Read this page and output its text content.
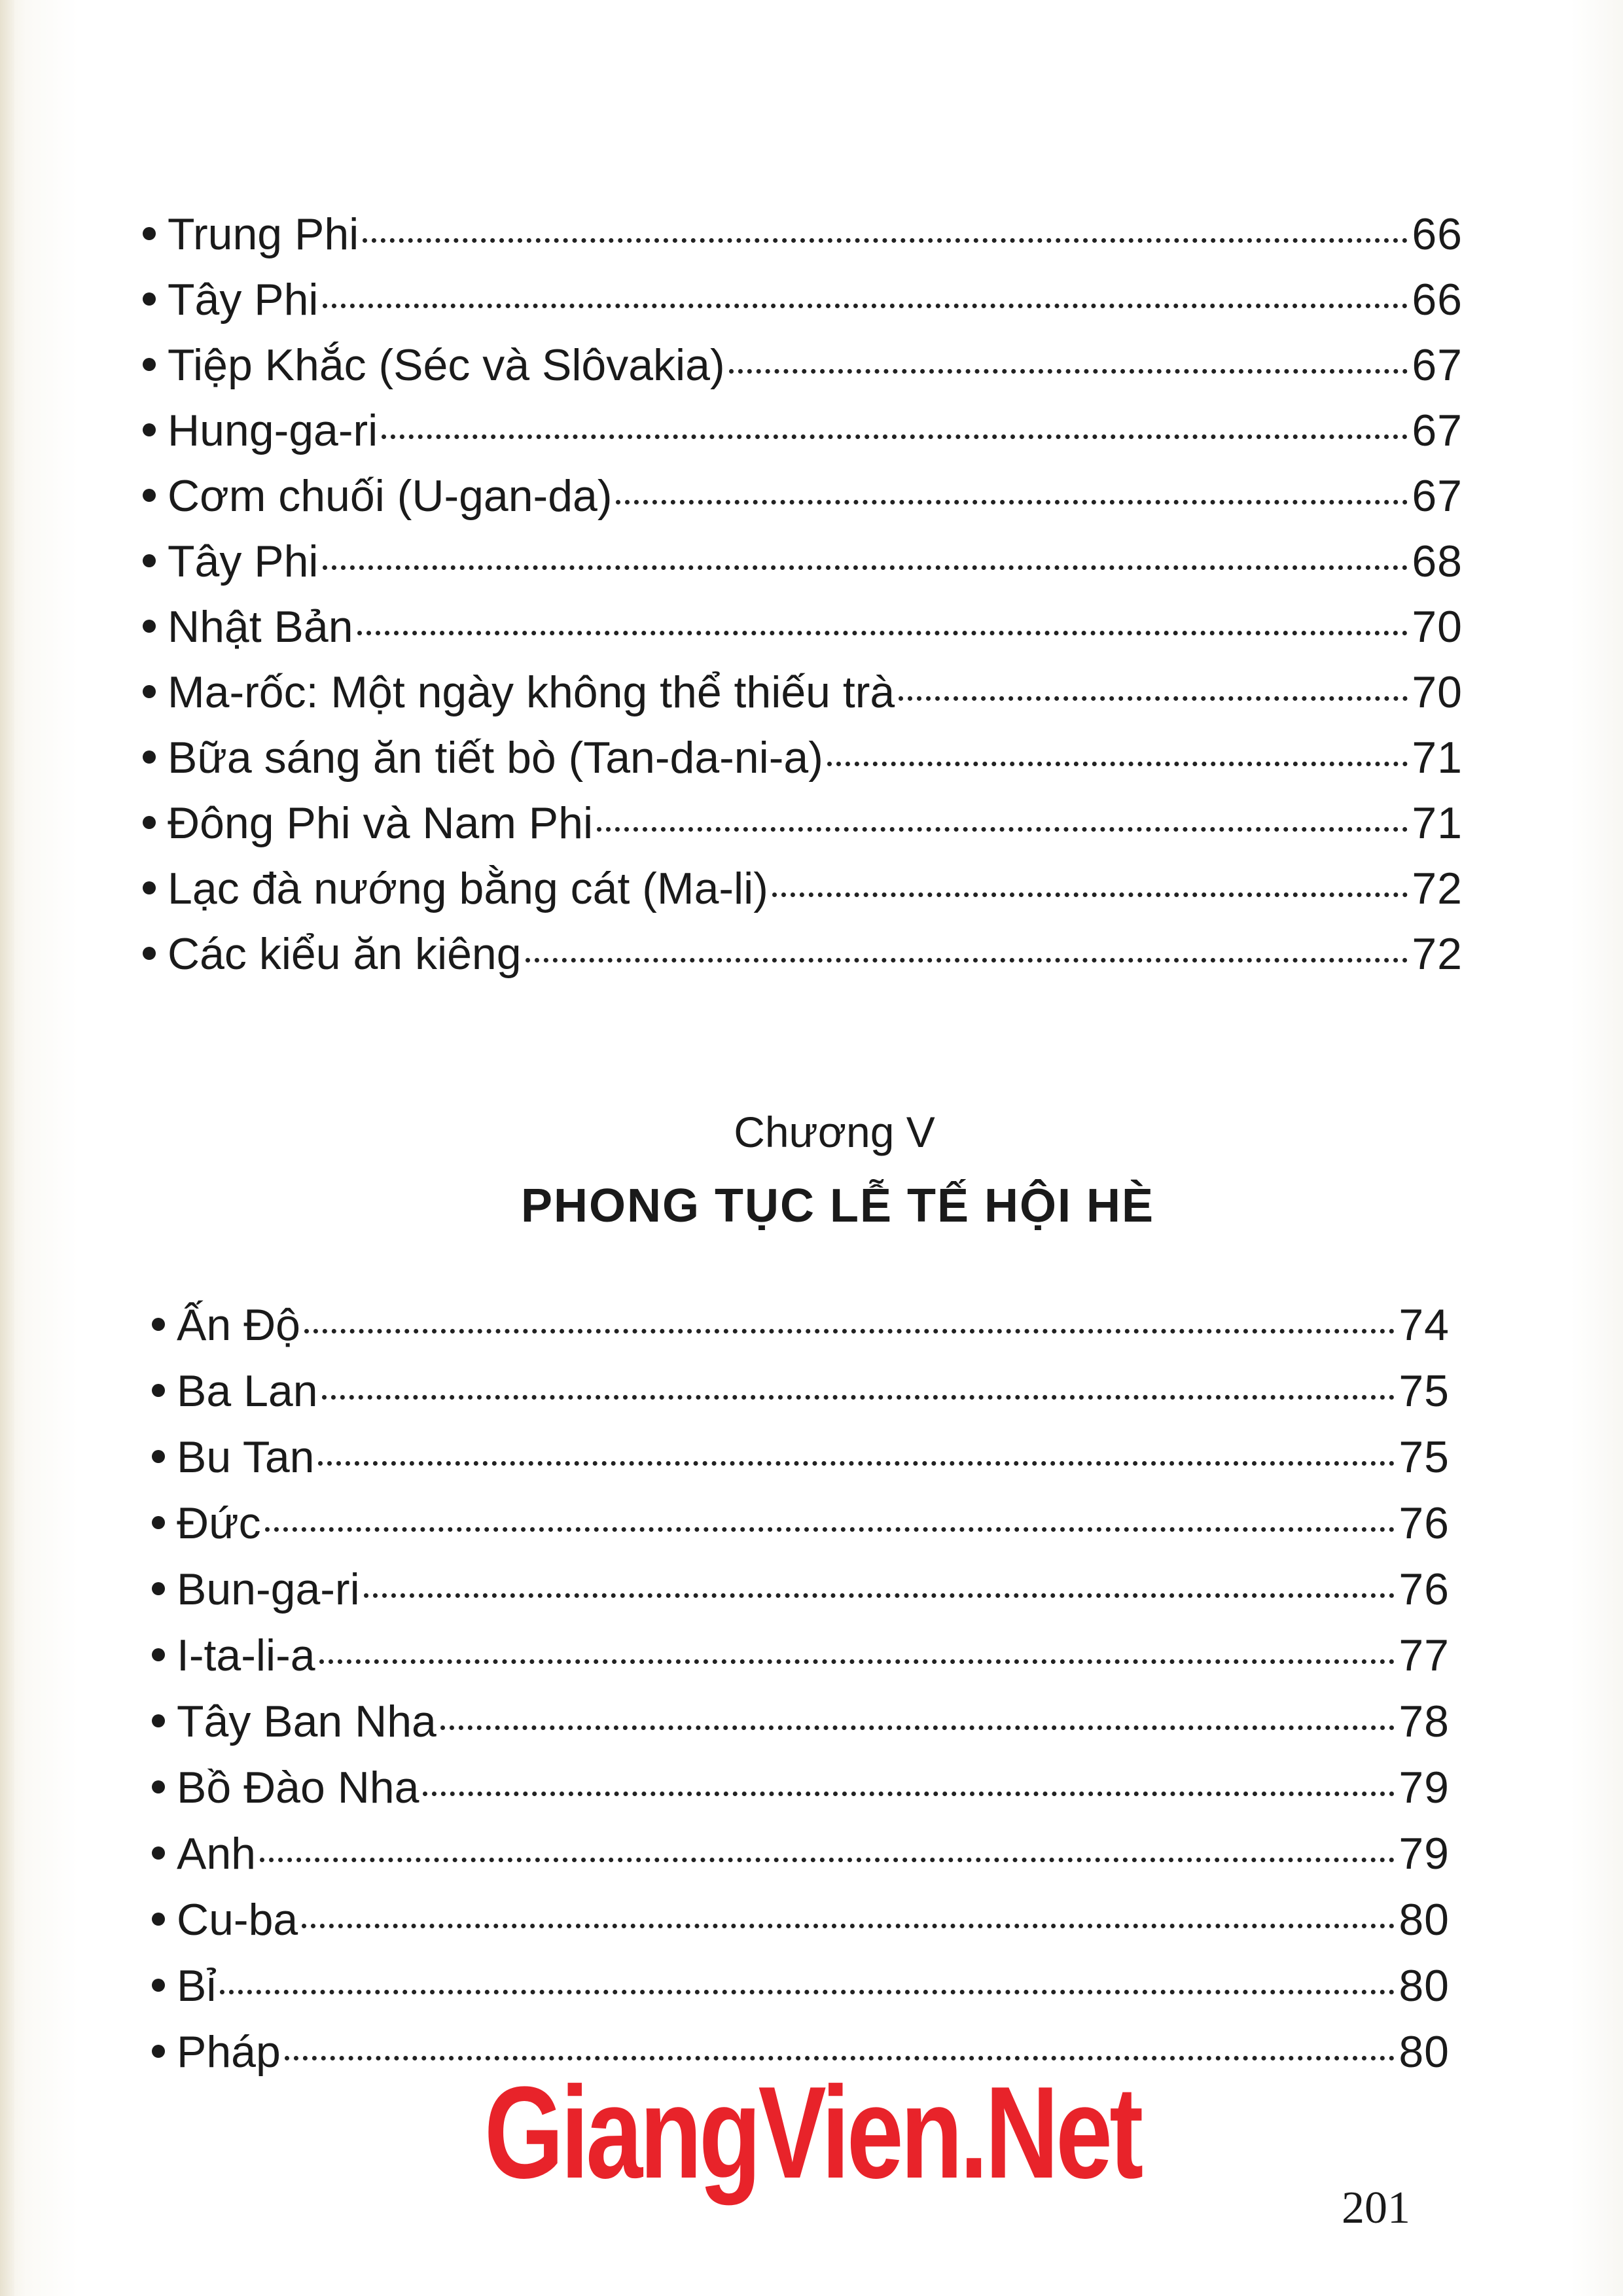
Trung Phi	66
Tây Phi	66
Tiệp Khắc (Séc và Slôvakia)	67
Hung-ga-ri	67
Cơm chuối (U-gan-da)	67
Tây Phi	68
Nhật Bản	70
Ma-rốc: Một ngày không thể thiếu trà	70
Bữa sáng ăn tiết bò (Tan-da-ni-a)	71
Đông Phi và Nam Phi	71
Lạc đà nướng bằng cát (Ma-li)	72
Các kiểu ăn kiêng	72
Chương V
PHONG TỤC LỄ TẾ HỘI HÈ
Ấn Độ	74
Ba Lan	75
Bu Tan	75
Đức	76
Bun-ga-ri	76
I-ta-li-a	77
Tây Ban Nha	78
Bồ Đào Nha	79
Anh	79
Cu-ba	80
Bỉ	80
Pháp	80
GiangVien.Net
201
